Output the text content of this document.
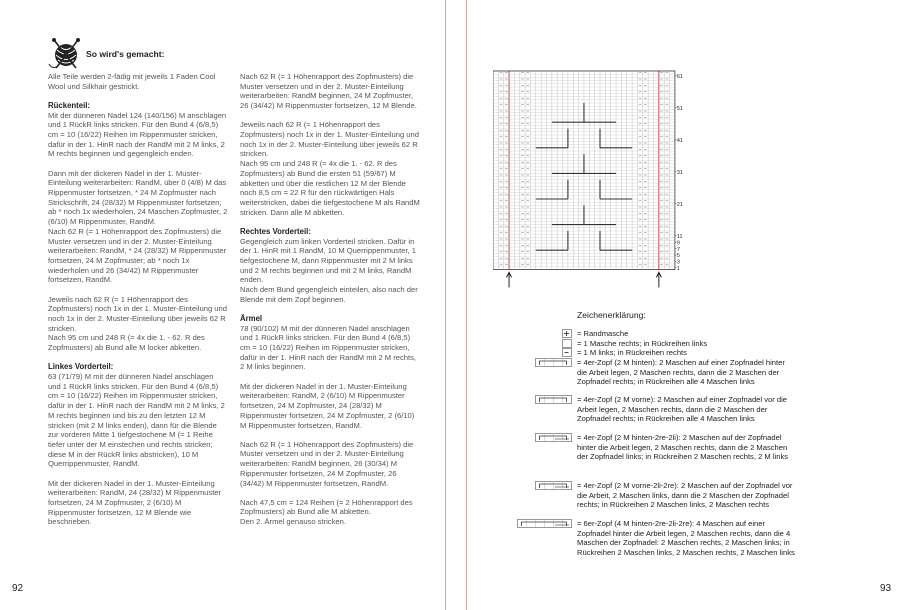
So wird's gemacht:

Alle Teile werden 2-fädig mit jeweils 1 Faden Cool Wool und Silkhair gestrickt.

Rückenteil:

Mit der dünneren Nadel 124 (140/156) M anschlagen und 1 RückR links stricken. Für den Bund 4 (6/8,5) cm = 10 (16/22) Reihen im Rippenmuster stricken, dafür in der 1. HinR nach der RandM mit 2 M links, 2 M rechts beginnen und gegengleich enden.

Dann mit der dickeren Nadel in der 1. Muster-Einteilung weiterarbeiten: RandM, über 0 (4/8) M das Rippenmuster fortsetzen, * 24 M Zopfmuster nach Strickschrift, 24 (28/32) M Rippenmuster fortsetzen; ab * noch 1x wiederholen, 24 Maschen Zopfmuster, 2 (6/10) M Rippenmuster, RandM.
Nach 62 R (= 1 Höhenrapport des Zopfmusters) die Muster versetzen und in der 2. Muster-Einteilung weiterarbeiten: RandM, * 24 (28/32) M Rippenmuster fortsetzen, 24 M Zopfmuster; ab * noch 1x wiederholen und 26 (34/42) M Rippenmuster fortsetzen, RandM.

Jeweils nach 62 R (= 1 Höhenrapport des Zopfmusters) noch 1x in der 1. Muster-Einteilung und noch 1x in der 2. Muster-Einteilung über jeweils 62 R stricken.
Nach 95 cm und 248 R (= 4x die 1. - 62. R des Zopfmusters) ab Bund alle M locker abketten.

Linkes Vorderteil:

63 (71/79) M mit der dünneren Nadel anschlagen und 1 RückR links stricken. Für den Bund 4 (6/8,5) cm = 10 (16/22) Reihen im Rippenmuster stricken, dafür in der 1. HinR nach der RandM mit 2 M links, 2 M rechts beginnen und bis zu den letzten 12 M stricken (mit 2 M links enden), dann für die Blende zur vorderen Mitte 1 tiefgestochene M (= 1 Reihe tiefer unter der M einstechen und rechts stricken; diese M in der RückR links abstricken), 10 M Querrippenmuster, RandM.

Mit der dickeren Nadel in der 1. Muster-Einteilung weiterarbeiten: RandM, 24 (28/32) M Rippenmuster fortsetzen, 24 M Zopfmuster, 2 (6/10) M Rippenmuster fortsetzen, 12 M Blende wie beschrieben.

Nach 62 R (= 1 Höhenrapport des Zopfmusters) die Muster versetzen und in der 2. Muster-Einteilung weiterarbeiten: RandM beginnen, 24 M Zopfmuster, 26 (34/42) M Rippenmuster fortsetzen, 12 M Blende.

Jeweils nach 62 R (= 1 Höhenrapport des Zopfmusters) noch 1x in der 1. Muster-Einteilung und noch 1x in der 2. Muster-Einteilung über jeweils 62 R stricken.
Nach 95 cm und 248 R (= 4x die 1. - 62. R des Zopfmusters) ab Bund die ersten 51 (59/67) M abketten und über die restlichen 12 M der Blende noch 8,5 cm = 22 R für den rückwärtigen Hals weiterstricken, dabei die tiefgestochene M als RandM stricken. Dann alle M abketten.

Rechtes Vorderteil:

Gegengleich zum linken Vorderteil stricken. Dafür in der 1. HinR mit 1 RandM, 10 M Querrippenmuster, 1 tiefgestochene M, dann Rippenmuster mit 2 M links und 2 M rechts beginnen und mit 2 M links, RandM enden.
Nach dem Bund gegengleich einteilen, also nach der Blende mit dem Zopf beginnen.

Ärmel

78 (90/102) M mit der dünneren Nadel anschlagen und 1 RückR links stricken. Für den Bund 4 (6/8,5) cm = 10 (16/22) Reihen im Rippenmuster stricken, dafür in der 1. HinR nach der RandM mit 2 M rechts, 2 M links beginnen.

Mit der dickeren Nadel in der 1. Muster-Einteilung weiterarbeiten: RandM, 2 (6/10) M Rippenmuster fortsetzen, 24 M Zopfmuster, 24 (28/32) M Rippenmuster fortsetzen, 24 M Zopfmuster, 2 (6/10) M Rippenmuster fortsetzen, RandM.

Nach 62 R (= 1 Höhenrapport des Zopfmusters) die Muster versetzen und in der 2. Muster-Einteilung weiterarbeiten: RandM beginnen, 26 (30/34) M Rippenmuster fortsetzen, 24 M Zopfmuster, 26 (34/42) M Rippenmuster fortsetzen, RandM.

Nach 47,5 cm = 124 Reihen (= 2 Höhenrapport des Zopfmusters) ab Bund alle M abketten.
Den 2. Ärmel genauso stricken.

92
61
51
41
31
21
11
9
7
5
3
1
Zeichenerklärung:
= Randmasche
= 1 Masche rechts; in Rückreihen links
= 1 M links; in Rückreihen rechts
= 4er-Zopf (2 M hinten): 2 Maschen auf einer Zopfnadel hinter die Arbeit legen, 2 Maschen rechts, dann die 2 Maschen der Zopfnadel rechts; in Rückreihen alle 4 Maschen links
= 4er-Zopf (2 M vorne): 2 Maschen auf einer Zopfnadel vor die Arbeit legen, 2 Maschen rechts, dann die 2 Maschen der Zopfnadel rechts; in Rückreihen alle 4 Maschen links
= 4er-Zopf (2 M hinten-2re-2li): 2 Maschen auf der Zopfnadel hinter die Arbeit legen, 2 Maschen rechts, dann die 2 Maschen der Zopfnadel links; in Rückreihen 2 Maschen rechts, 2 M links
= 4er-Zopf (2 M vorne-2li-2re): 2 Maschen auf der Zopfnadel vor die Arbeit, 2 Maschen links, dann die 2 Maschen der Zopfnadel rechts; in Rückreihen 2 Maschen links, 2 Maschen rechts
= 6er-Zopf (4 M hinten-2re-2li-2re): 4 Maschen auf einer Zopfnadel hinter die Arbeit legen, 2 Maschen rechts, dann die 4 Maschen der Zopfnadel: 2 Maschen rechts, 2 Maschen links; in Rückreihen 2 Maschen links, 2 Maschen rechts, 2 Maschen links
93
